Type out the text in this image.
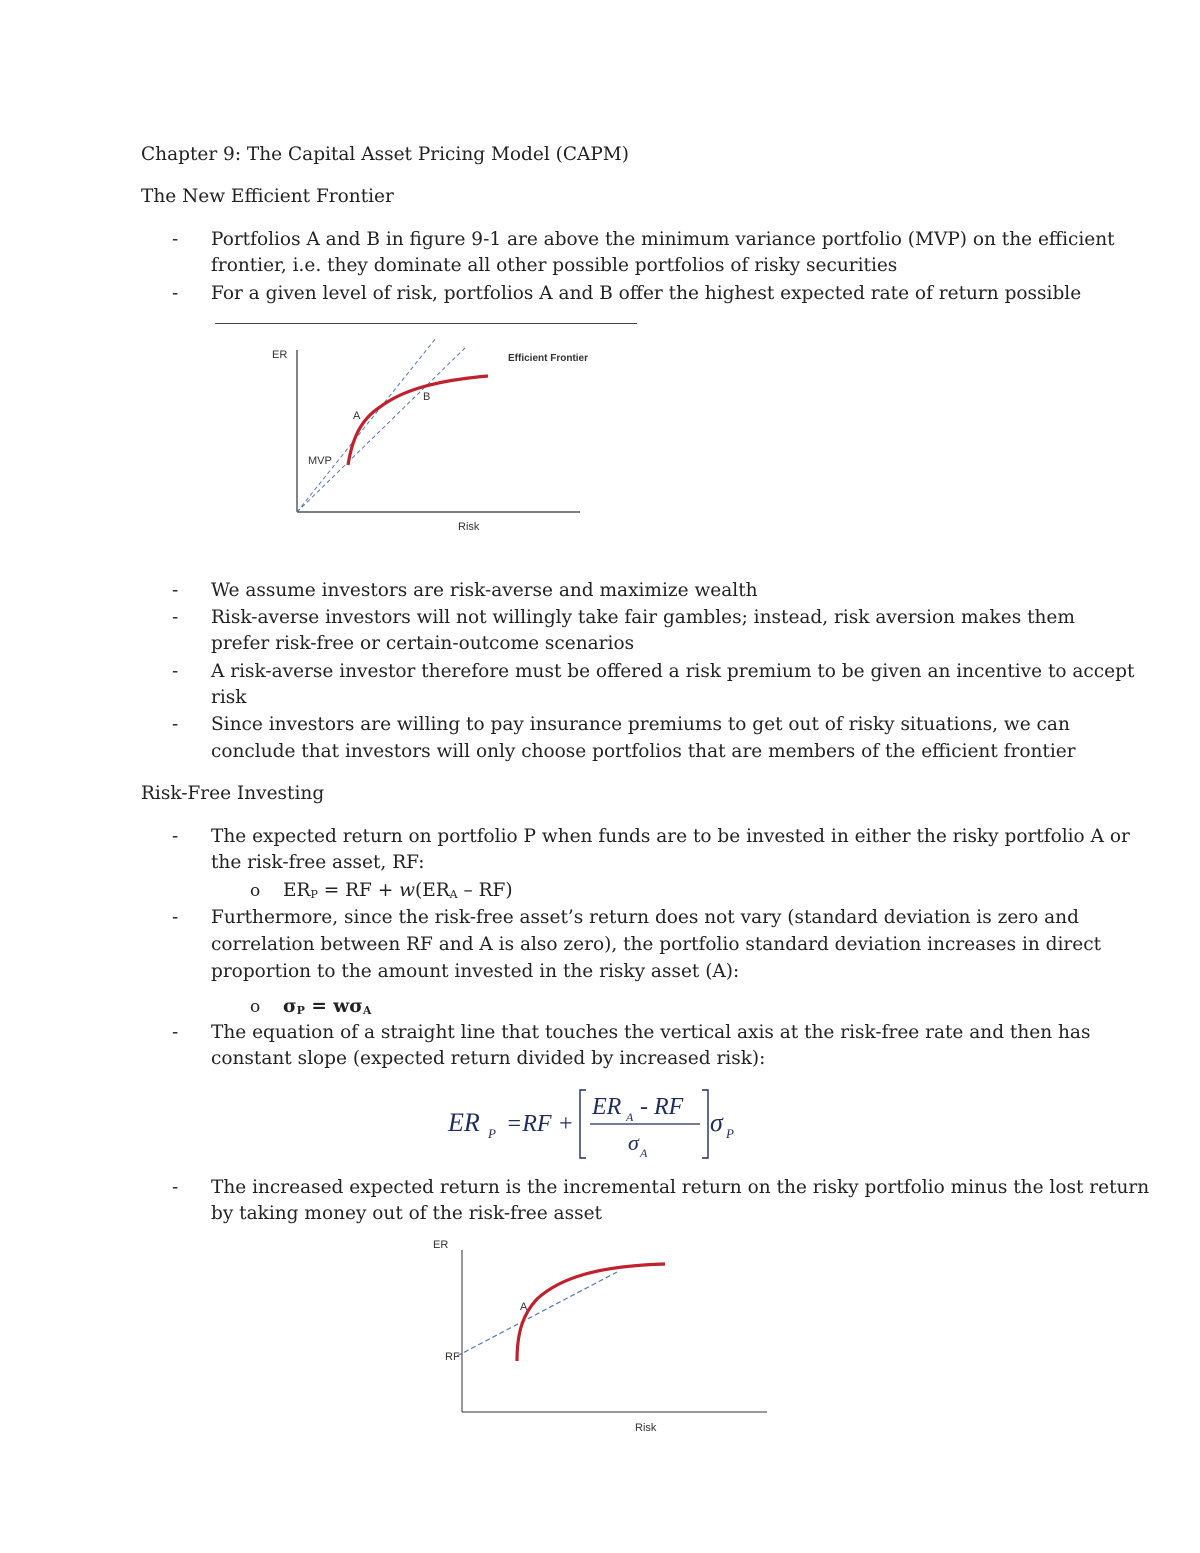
Chapter 9: The Capital Asset Pricing Model (CAPM)
The New Efficient Frontier
- Portfolios A and B in figure 9-1 are above the minimum variance portfolio (MVP) on the efficient
frontier, i.e. they dominate all other possible portfolios of risky securities
- For a given level of risk, portfolios A and B offer the highest expected rate of return possible
ER
Risk
Efficient Frontier
A
B
MVP
- We assume investors are risk-averse and maximize wealth
- Risk-averse investors will not willingly take fair gambles; instead, risk aversion makes them
prefer risk-free or certain-outcome scenarios
- A risk-averse investor therefore must be offered a risk premium to be given an incentive to accept
risk
- Since investors are willing to pay insurance premiums to get out of risky situations, we can
conclude that investors will only choose portfolios that are members of the efficient frontier
Risk-Free Investing
- The expected return on portfolio P when funds are to be invested in either the risky portfolio A or
the risk-free asset, RF:
o ERP = RF + w(ERA – RF)
- Furthermore, since the risk-free asset’s return does not vary (standard deviation is zero and
correlation between RF and A is also zero), the portfolio standard deviation increases in direct
proportion to the amount invested in the risky asset (A):
o σP = wσA
- The equation of a straight line that touches the vertical axis at the risk-free rate and then has
constant slope (expected return divided by increased risk):
ER P =RF +
ER A - RF
σ A
σ P
- The increased expected return is the incremental return on the risky portfolio minus the lost return
by taking money out of the risk-free asset
ER
RF
A
Risk
